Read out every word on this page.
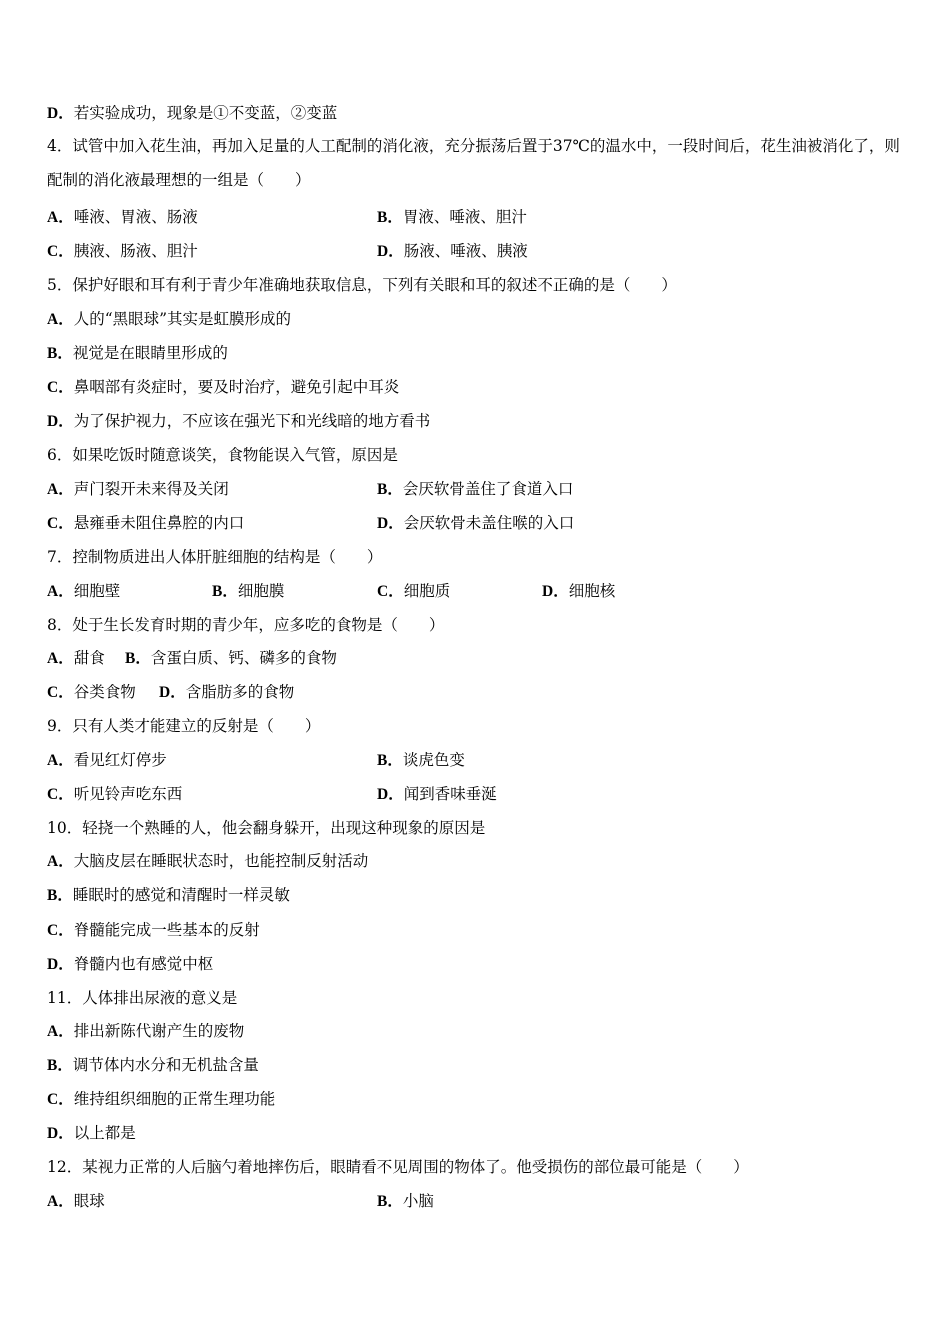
D．若实验成功，现象是①不变蓝，②变蓝
4．试管中加入花生油，再加入足量的人工配制的消化液，充分振荡后置于37℃的温水中，一段时间后，花生油被消化了，则配制的消化液最理想的一组是（　　）
A．唾液、胃液、肠液	B．胃液、唾液、胆汁
C．胰液、肠液、胆汁	D．肠液、唾液、胰液
5．保护好眼和耳有利于青少年准确地获取信息，下列有关眼和耳的叙述不正确的是（　　）
A．人的“黑眼球”其实是虹膜形成的
B．视觉是在眼睛里形成的
C．鼻咽部有炎症时，要及时治疗，避免引起中耳炎
D．为了保护视力，不应该在强光下和光线暗的地方看书
6．如果吃饭时随意谈笑，食物能误入气管，原因是
A．声门裂开未来得及关闭	B．会厌软骨盖住了食道入口
C．悬雍垂未阻住鼻腔的内口	D．会厌软骨未盖住喉的入口
7．控制物质进出人体肝脏细胞的结构是（　　）
A．细胞壁	B．细胞膜	C．细胞质	D．细胞核
8．处于生长发育时期的青少年，应多吃的食物是（　　）
A．甜食 B．含蛋白质、钙、磷多的食物
C．谷类食物 D．含脂肪多的食物
9．只有人类才能建立的反射是（　　）
A．看见红灯停步	B．谈虎色变
C．听见铃声吃东西	D．闻到香味垂涎
10．轻挠一个熟睡的人，他会翻身躲开，出现这种现象的原因是
A．大脑皮层在睡眠状态时，也能控制反射活动
B．睡眠时的感觉和清醒时一样灵敏
C．脊髓能完成一些基本的反射
D．脊髓内也有感觉中枢
11．人体排出尿液的意义是
A．排出新陈代谢产生的废物
B．调节体内水分和无机盐含量
C．维持组织细胞的正常生理功能
D．以上都是
12．某视力正常的人后脑勺着地摔伤后，眼睛看不见周围的物体了。他受损伤的部位最可能是（　　）
A．眼球	B．小脑
